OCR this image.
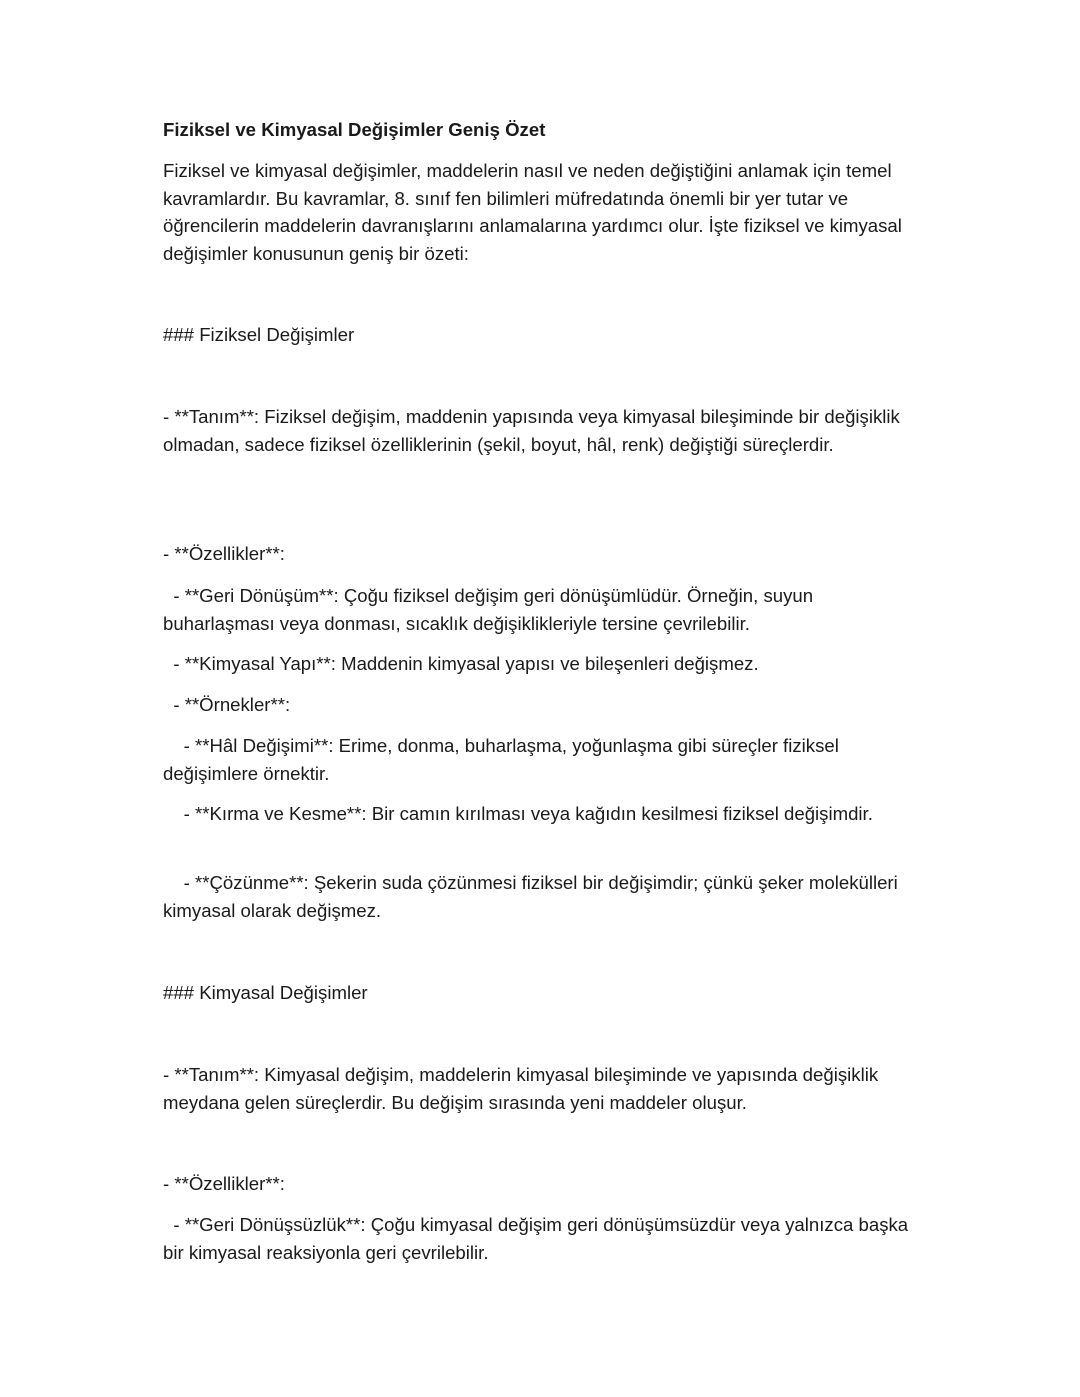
Fiziksel ve Kimyasal Değişimler Geniş Özet

Fiziksel ve kimyasal değişimler, maddelerin nasıl ve neden değiştiğini anlamak için temel kavramlardır. Bu kavramlar, 8. sınıf fen bilimleri müfredatında önemli bir yer tutar ve öğrencilerin maddelerin davranışlarını anlamalarına yardımcı olur. İşte fiziksel ve kimyasal değişimler konusunun geniş bir özeti:

### Fiziksel Değişimler

- **Tanım**: Fiziksel değişim, maddenin yapısında veya kimyasal bileşiminde bir değişiklik olmadan, sadece fiziksel özelliklerinin (şekil, boyut, hâl, renk) değiştiği süreçlerdir.

- **Özellikler**:

- **Geri Dönüşüm**: Çoğu fiziksel değişim geri dönüşümlüdür. Örneğin, suyun buharlaşması veya donması, sıcaklık değişiklikleriyle tersine çevrilebilir.

- **Kimyasal Yapı**: Maddenin kimyasal yapısı ve bileşenleri değişmez.

- **Örnekler**:

- **Hâl Değişimi**: Erime, donma, buharlaşma, yoğunlaşma gibi süreçler fiziksel değişimlere örnektir.

- **Kırma ve Kesme**: Bir camın kırılması veya kağıdın kesilmesi fiziksel değişimdir.

- **Çözünme**: Şekerin suda çözünmesi fiziksel bir değişimdir; çünkü şeker molekülleri kimyasal olarak değişmez.

### Kimyasal Değişimler

- **Tanım**: Kimyasal değişim, maddelerin kimyasal bileşiminde ve yapısında değişiklik meydana gelen süreçlerdir. Bu değişim sırasında yeni maddeler oluşur.

- **Özellikler**:

- **Geri Dönüşsüzlük**: Çoğu kimyasal değişim geri dönüşümsüzdür veya yalnızca başka bir kimyasal reaksiyonla geri çevrilebilir.
